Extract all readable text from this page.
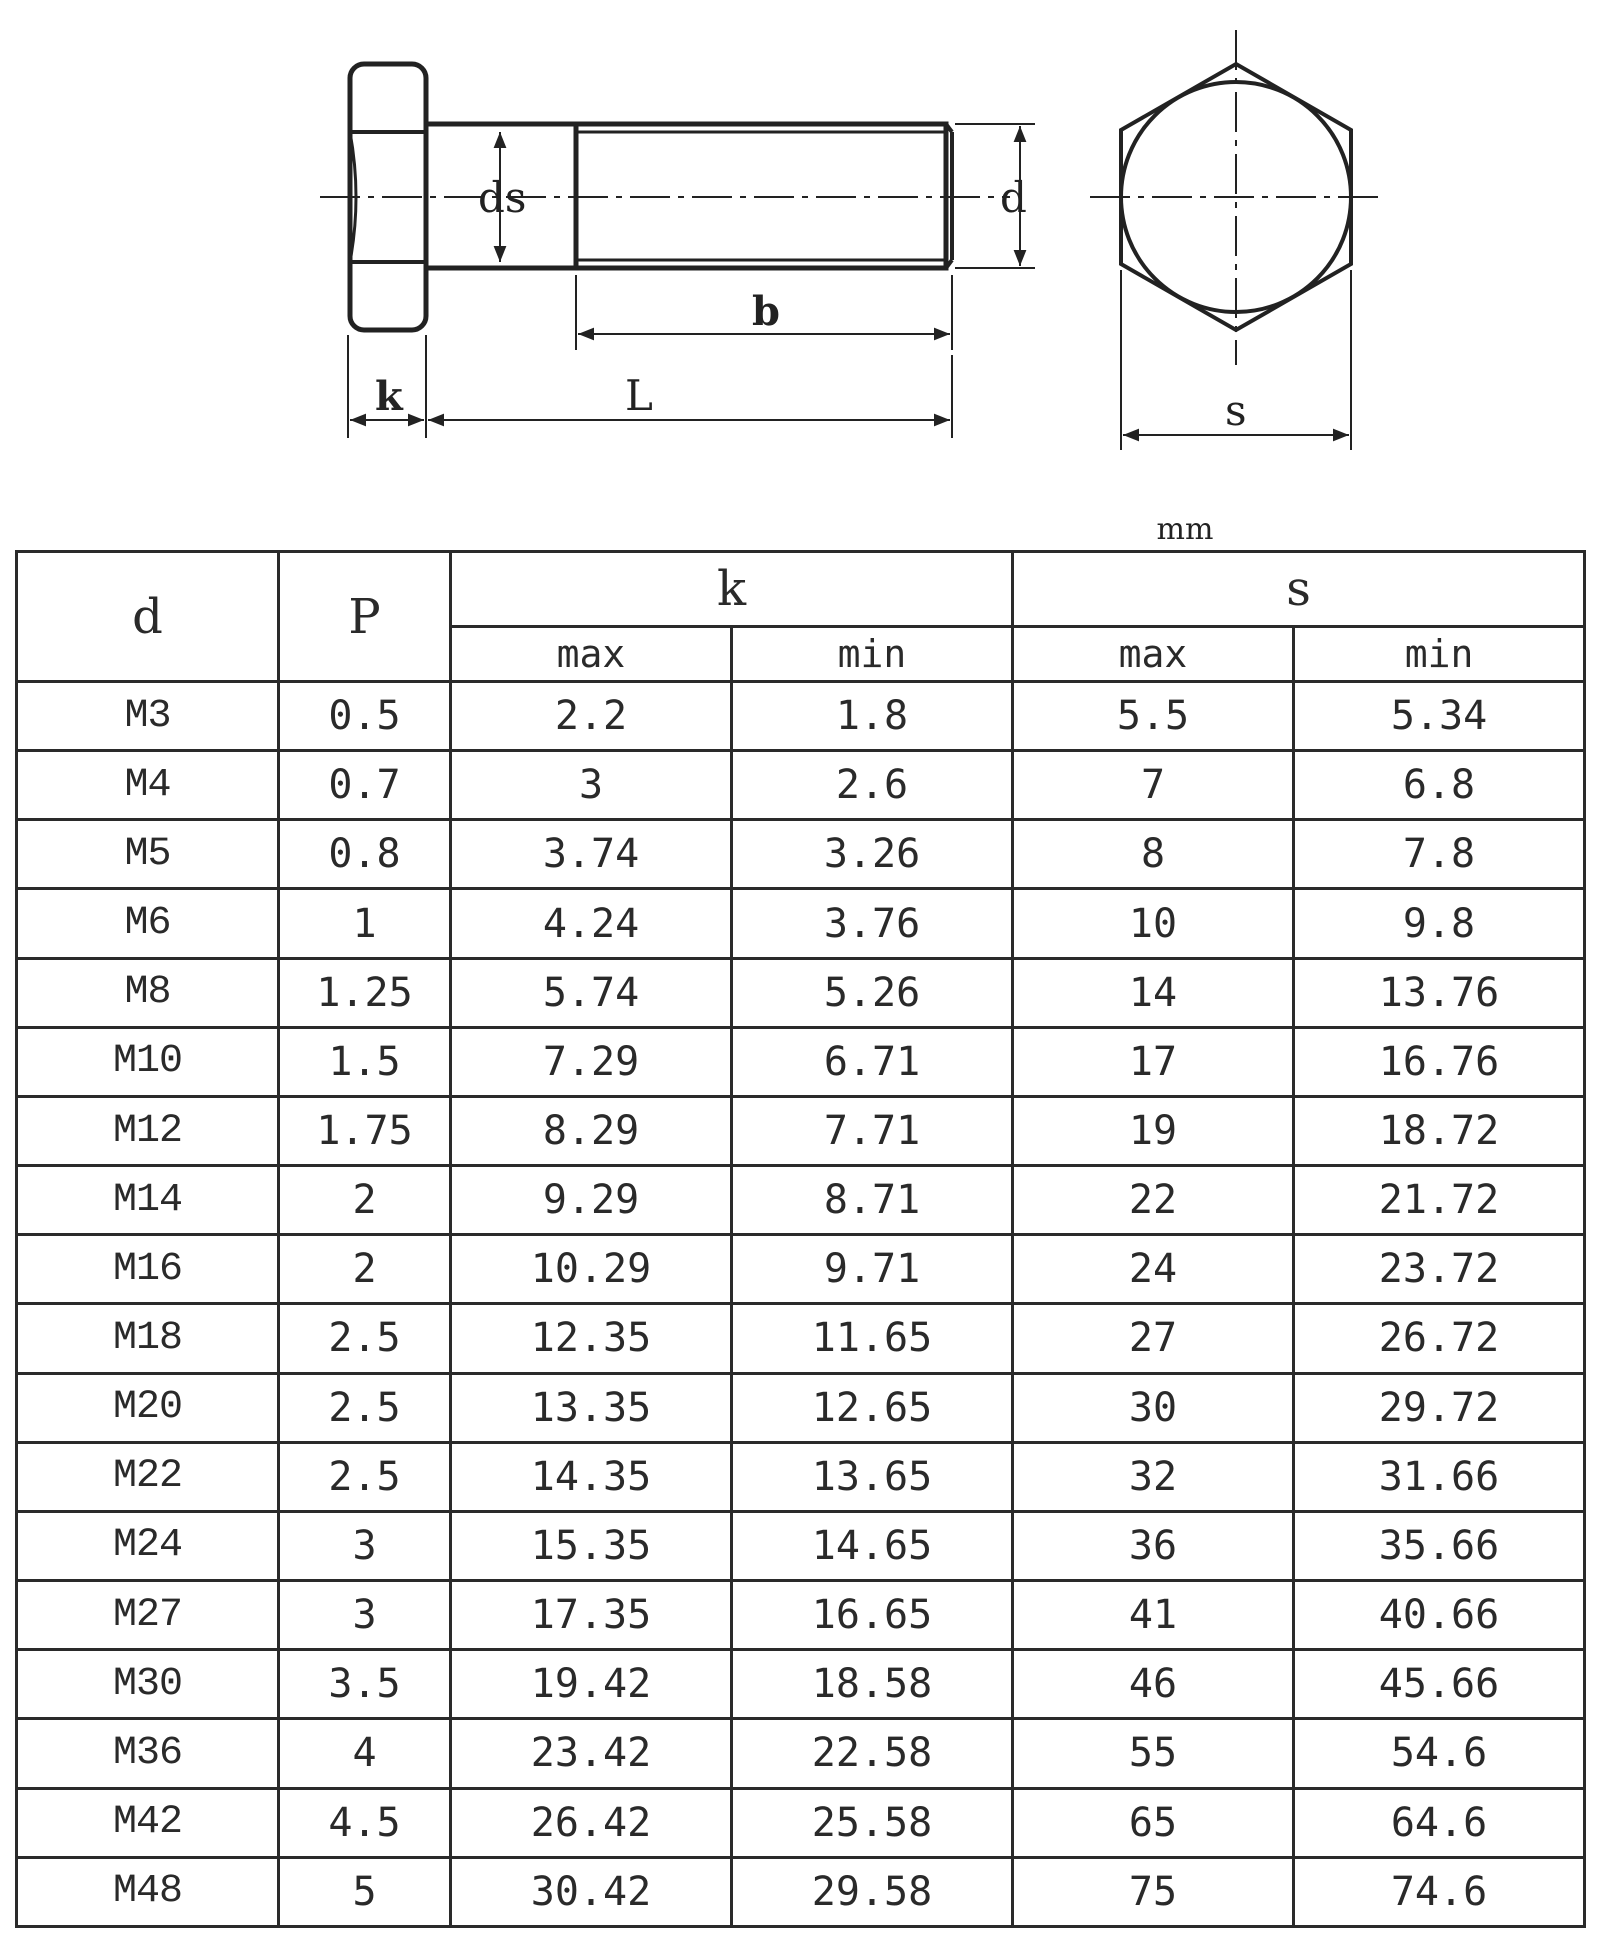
ds	d
b
k	L	s
mm
d	P	k		s	
		max	min	max	min
M3	0.5	2.2	1.8	5.5	5.34
M4	0.7	3	2.6	7	6.8
M5	0.8	3.74	3.26	8	7.8
M6	1	4.24	3.76	10	9.8
M8	1.25	5.74	5.26	14	13.76
M10	1.5	7.29	6.71	17	16.76
M12	1.75	8.29	7.71	19	18.72
M14	2	9.29	8.71	22	21.72
M16	2	10.29	9.71	24	23.72
M18	2.5	12.35	11.65	27	26.72
M20	2.5	13.35	12.65	30	29.72
M22	2.5	14.35	13.65	32	31.66
M24	3	15.35	14.65	36	35.66
M27	3	17.35	16.65	41	40.66
M30	3.5	19.42	18.58	46	45.66
M36	4	23.42	22.58	55	54.6
M42	4.5	26.42	25.58	65	64.6
M48	5	30.42	29.58	75	74.6
